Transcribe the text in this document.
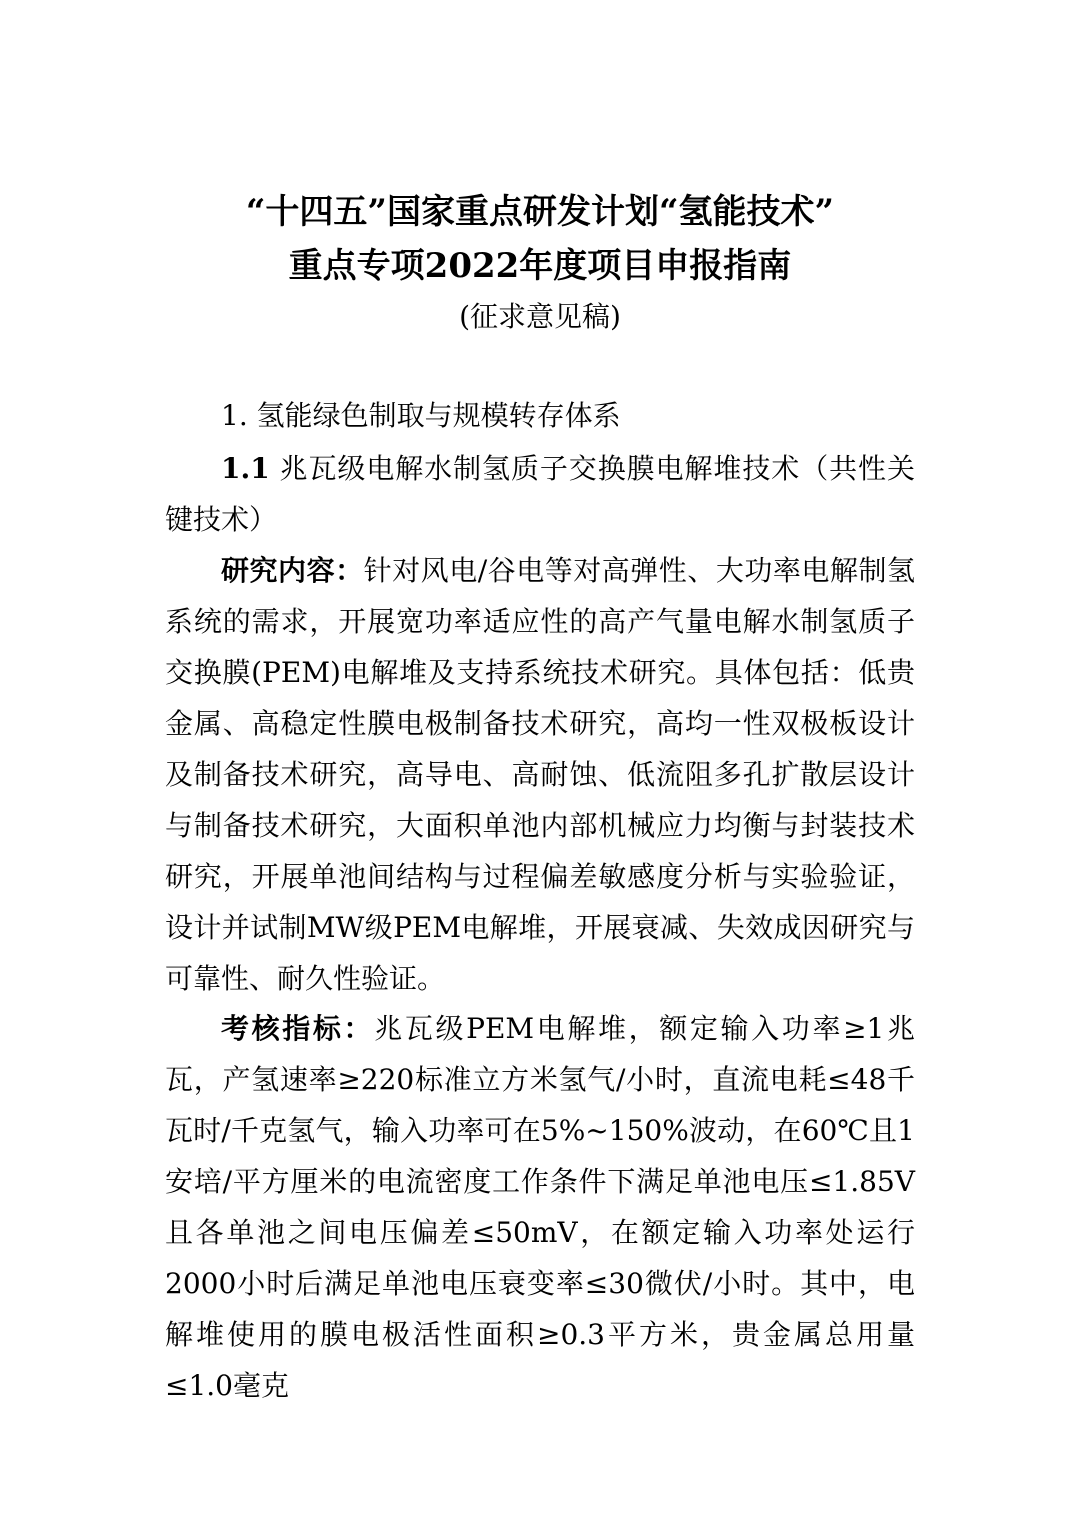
“十四五”国家重点研发计划“氢能技术”
重点专项2022年度项目申报指南
(征求意见稿)

1. 氢能绿色制取与规模转存体系

1.1 兆瓦级电解水制氢质子交换膜电解堆技术（共性关键技术）

研究内容：针对风电/谷电等对高弹性、大功率电解制氢系统的需求，开展宽功率适应性的高产气量电解水制氢质子交换膜(PEM)电解堆及支持系统技术研究。具体包括：低贵金属、高稳定性膜电极制备技术研究，高均一性双极板设计及制备技术研究，高导电、高耐蚀、低流阻多孔扩散层设计与制备技术研究，大面积单池内部机械应力均衡与封装技术研究，开展单池间结构与过程偏差敏感度分析与实验验证，设计并试制MW级PEM电解堆，开展衰减、失效成因研究与可靠性、耐久性验证。

考核指标：兆瓦级PEM电解堆，额定输入功率≥1兆瓦，产氢速率≥220标准立方米氢气/小时，直流电耗≤48千瓦时/千克氢气，输入功率可在5%~150%波动，在60℃且1安培/平方厘米的电流密度工作条件下满足单池电压≤1.85V且各单池之间电压偏差≤50mV，在额定输入功率处运行2000小时后满足单池电压衰变率≤30微伏/小时。其中，电解堆使用的膜电极活性面积≥0.3平方米，贵金属总用量≤1.0毫克
